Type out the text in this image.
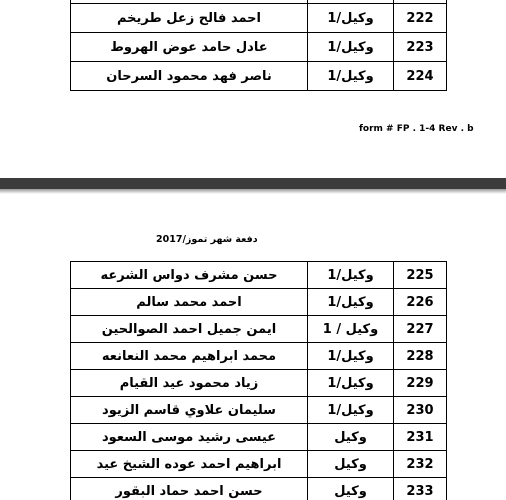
احمد فالح زعل طريخم	وكيل/1	222
عادل حامد عوض الهروط	وكيل/1	223
ناصر فهد محمود السرحان	وكيل/1	224
form # FP . 1-4 Rev . b
دفعة شهر تموز/2017
حسن مشرف دواس الشرعه	وكيل/1	225
احمد محمد سالم	وكيل/1	226
ايمن جميل احمد الصوالحين	وكيل / 1	227
محمد ابراهيم محمد النعانعه	وكيل/1	228
زياد محمود عيد القيام	وكيل/1	229
سليمان علاوي قاسم الزيود	وكيل/1	230
عيسى رشيد موسى السعود	وكيل	231
ابراهيم احمد عوده الشيخ عيد	وكيل	232
حسن احمد حماد البقور	وكيل	233
